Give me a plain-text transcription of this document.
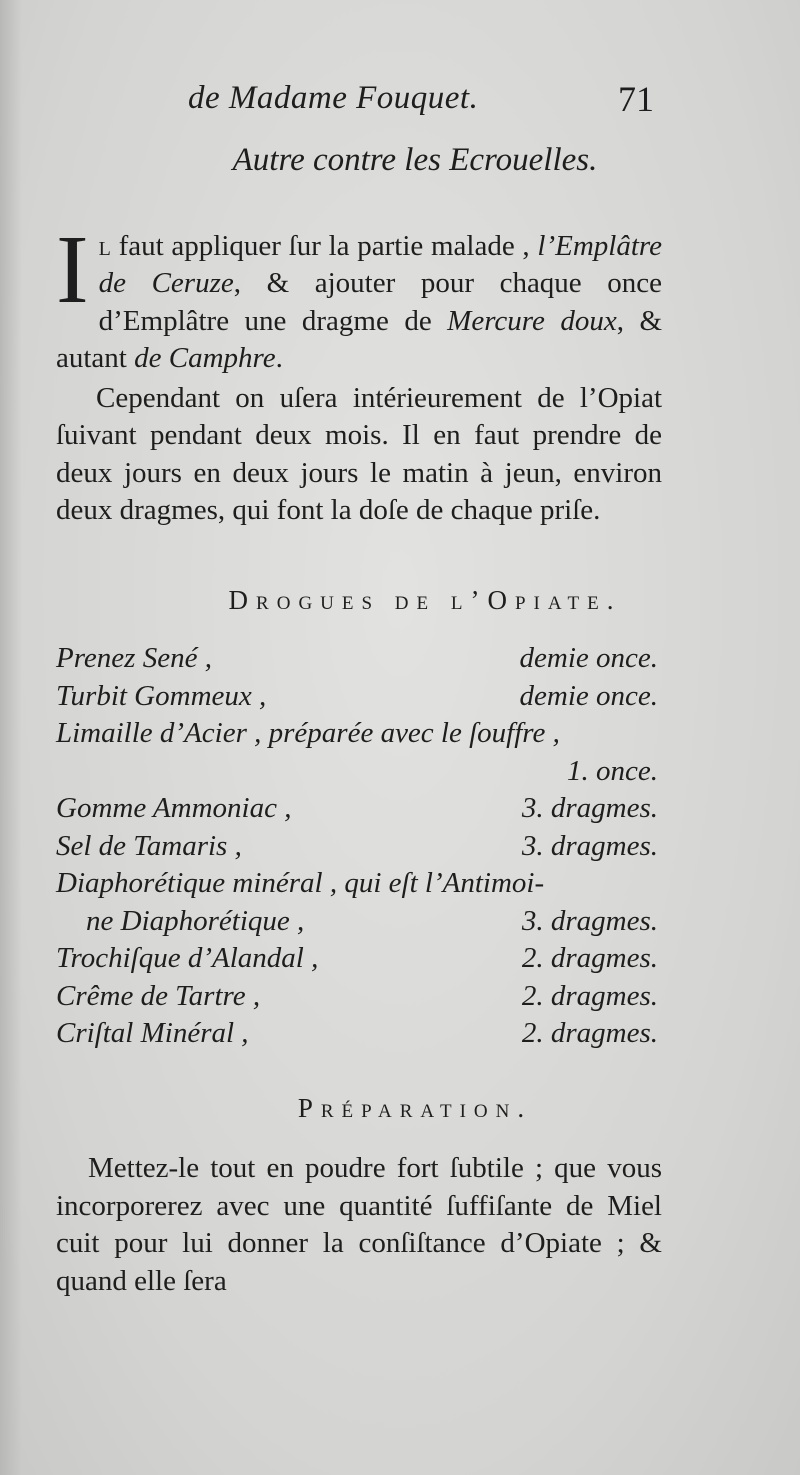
de Madame Fouquet.	71
Autre contre les Ecrouelles.
Il faut appliquer ſur la partie malade , l’Emplâtre de Ceruze, & ajouter pour chaque once d’Emplâtre une dragme de Mercure doux, & autant de Camphre.
Cependant on uſera intérieurement de l’Opiat ſuivant pendant deux mois. Il en faut prendre de deux jours en deux jours le matin à jeun, environ deux dragmes, qui font la doſe de chaque priſe.
Drogues de l’Opiate.
Prenez Sené ,	demie once.
Turbit Gommeux ,	demie once.
Limaille d’Acier , préparée avec le ſouffre ,
1. once.
Gomme Ammoniac ,	3. dragmes.
Sel de Tamaris ,	3. dragmes.
Diaphorétique minéral , qui eſt l’Antimoi-
ne Diaphorétique ,	3. dragmes.
Trochiſque d’Alandal ,	2. dragmes.
Crême de Tartre ,	2. dragmes.
Criſtal Minéral ,	2. dragmes.
Préparation.
Mettez-le tout en poudre fort ſubtile ; que vous incorporerez avec une quantité ſuffiſante de Miel cuit pour lui donner la conſiſtance d’Opiate ; & quand elle ſera
